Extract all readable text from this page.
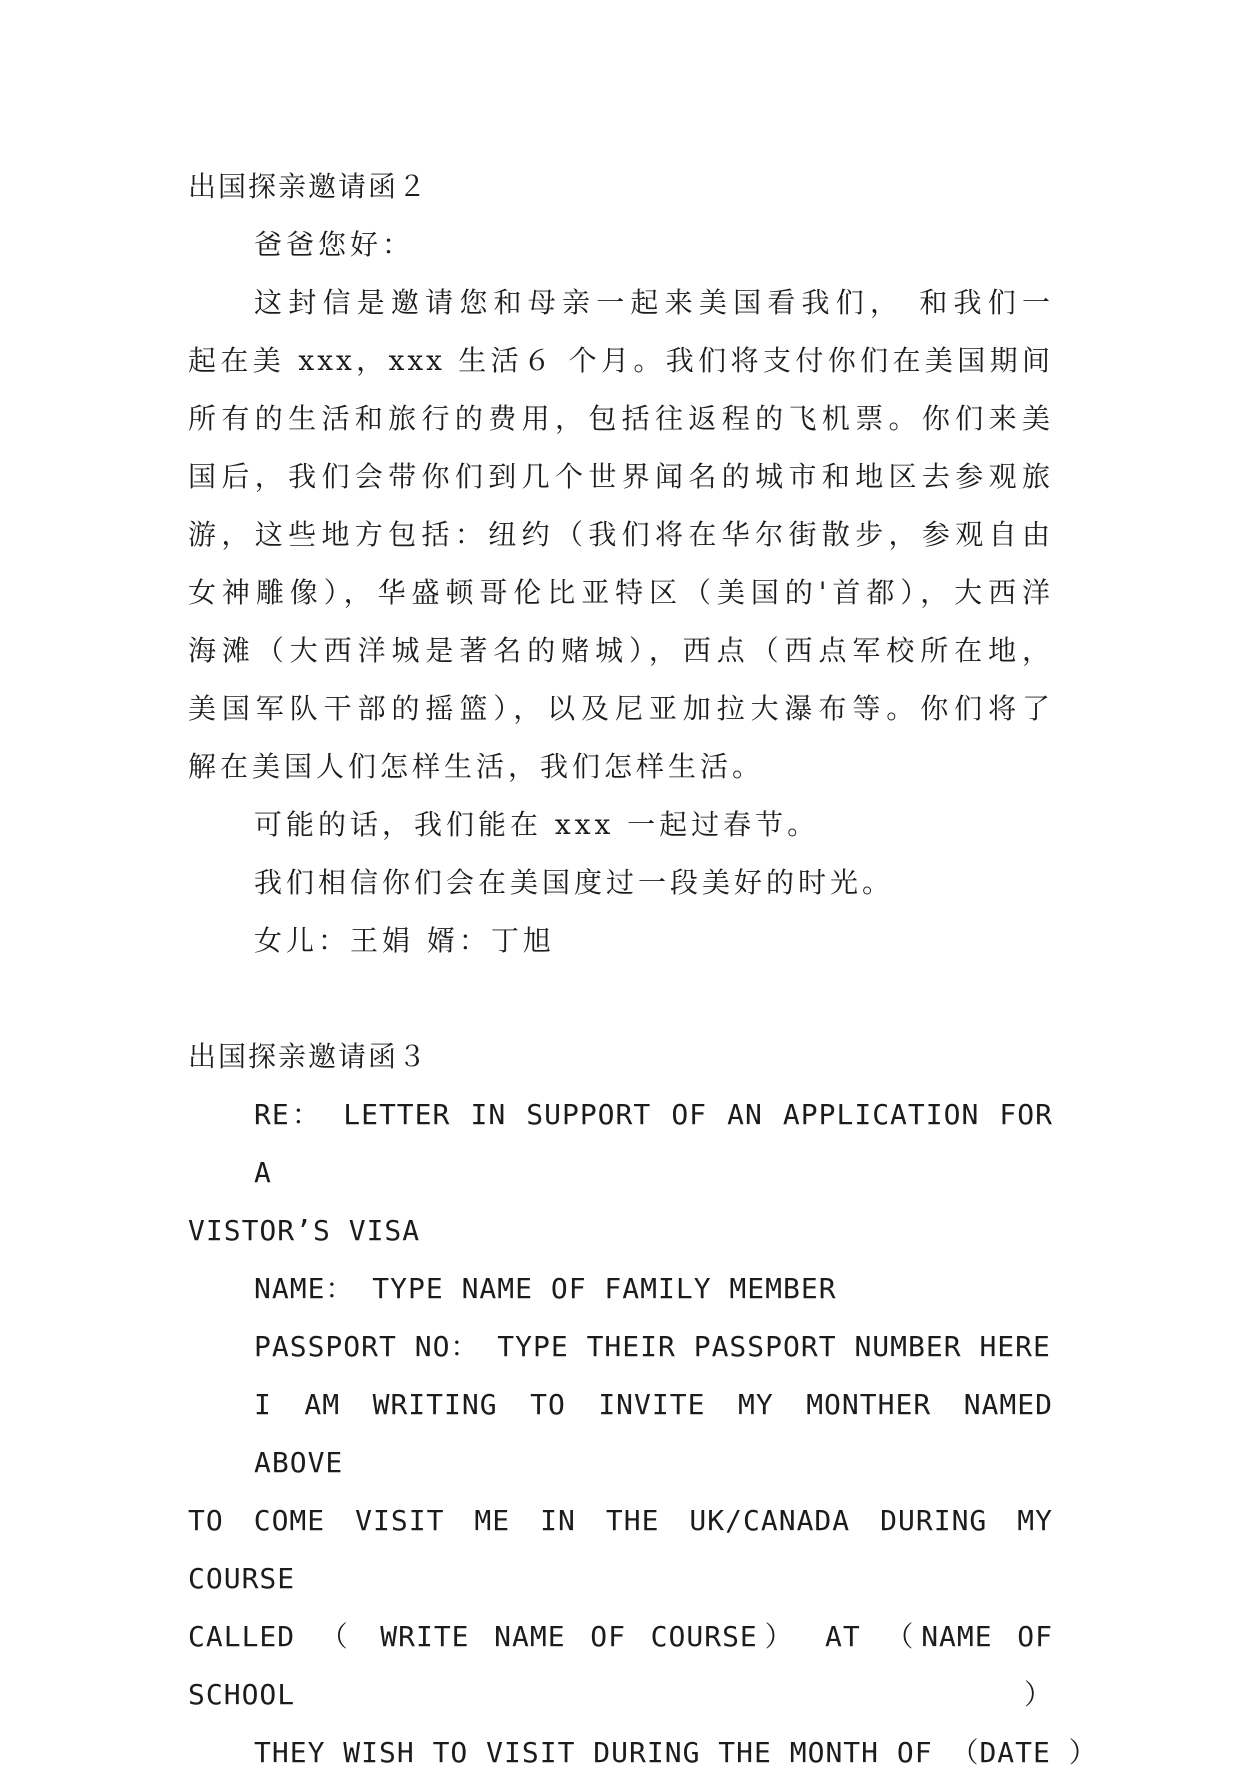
出国探亲邀请函２

爸爸您好：

这封信是邀请您和母亲一起来美国看我们， 和我们一

起在美 xxx，xxx 生活６ 个月。我们将支付你们在美国期间

所有的生活和旅行的费用，包括往返程的飞机票。你们来美

国后，我们会带你们到几个世界闻名的城市和地区去参观旅

游，这些地方包括：纽约（我们将在华尔街散步，参观自由

女神雕像），华盛顿哥伦比亚特区（美国的'首都），大西洋

海滩（大西洋城是著名的赌城），西点（西点军校所在地，

美国军队干部的摇篮），以及尼亚加拉大瀑布等。你们将了

解在美国人们怎样生活，我们怎样生活。

可能的话，我们能在 xxx 一起过春节。

我们相信你们会在美国度过一段美好的时光。

女儿：王娟 婿：丁旭

出国探亲邀请函３

RE： LETTER IN SUPPORT OF AN APPLICATION FOR A

VISTOR’S VISA

NAME： TYPE NAME OF FAMILY MEMBER

PASSPORT NO： TYPE THEIR PASSPORT NUMBER HERE

I AM WRITING TO INVITE MY MONTHER NAMED ABOVE

TO COME VISIT ME IN THE UK/CANADA DURING MY COURSE

CALLED （ WRITE NAME OF COURSE） AT （NAME OF SCHOOL）

THEY WISH TO VISIT DURING THE MONTH OF （DATE ）
